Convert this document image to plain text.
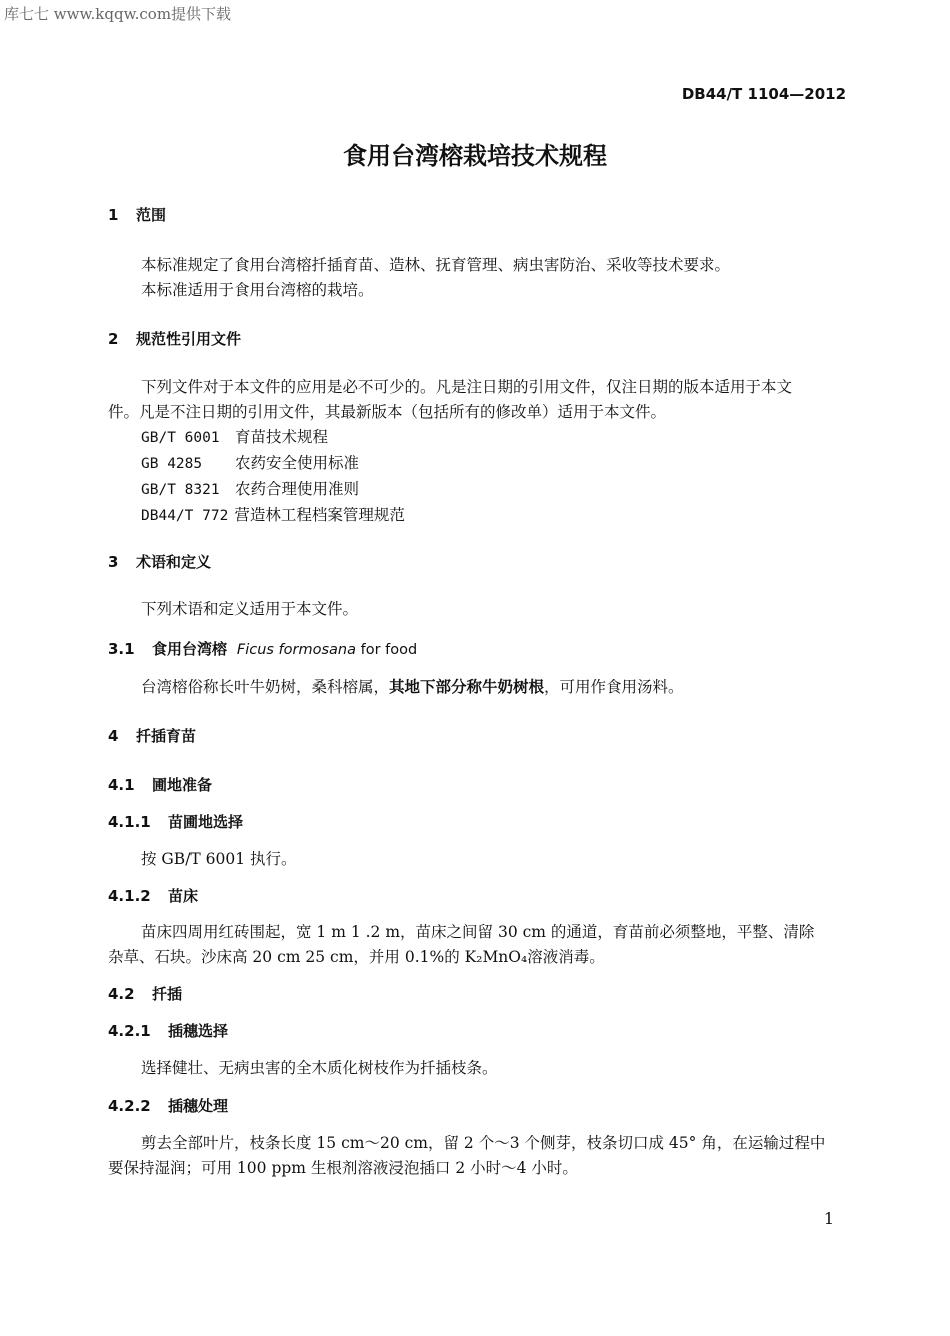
库七七 www.kqqw.com提供下载
DB44/T 1104—2012
食用台湾榕栽培技术规程
1 范围

本标准规定了食用台湾榕扦插育苗、造林、抚育管理、病虫害防治、采收等技术要求。

本标准适用于食用台湾榕的栽培。

2 规范性引用文件

下列文件对于本文件的应用是必不可少的。凡是注日期的引用文件，仅注日期的版本适用于本文

件。凡是不注日期的引用文件，其最新版本（包括所有的修改单）适用于本文件。
GB/T 6001 育苗技术规程
GB 4285 农药安全使用标准
GB/T 8321 农药合理使用准则
DB44/T 772 营造林工程档案管理规范
3 术语和定义

下列术语和定义适用于本文件。

3.1 食用台湾榕 Ficus formosana for food

台湾榕俗称长叶牛奶树，桑科榕属，其地下部分称牛奶树根，可用作食用汤料。

4 扦插育苗
4.1 圃地准备
4.1.1 苗圃地选择

按 GB/T 6001 执行。

4.1.2 苗床

苗床四周用红砖围起，宽 1 m 1 .2 m，苗床之间留 30 cm 的通道，育苗前必须整地，平整、清除

杂草、石块。沙床高 20 cm 25 cm，并用 0.1%的 K₂MnO₄溶液消毒。
4.2 扦插
4.2.1 插穗选择

选择健壮、无病虫害的全木质化树枝作为扦插枝条。

4.2.2 插穗处理

剪去全部叶片，枝条长度 15 cm～20 cm，留 2 个～3 个侧芽，枝条切口成 45° 角，在运输过程中

要保持湿润；可用 100 ppm 生根剂溶液浸泡插口 2 小时～4 小时。
1
